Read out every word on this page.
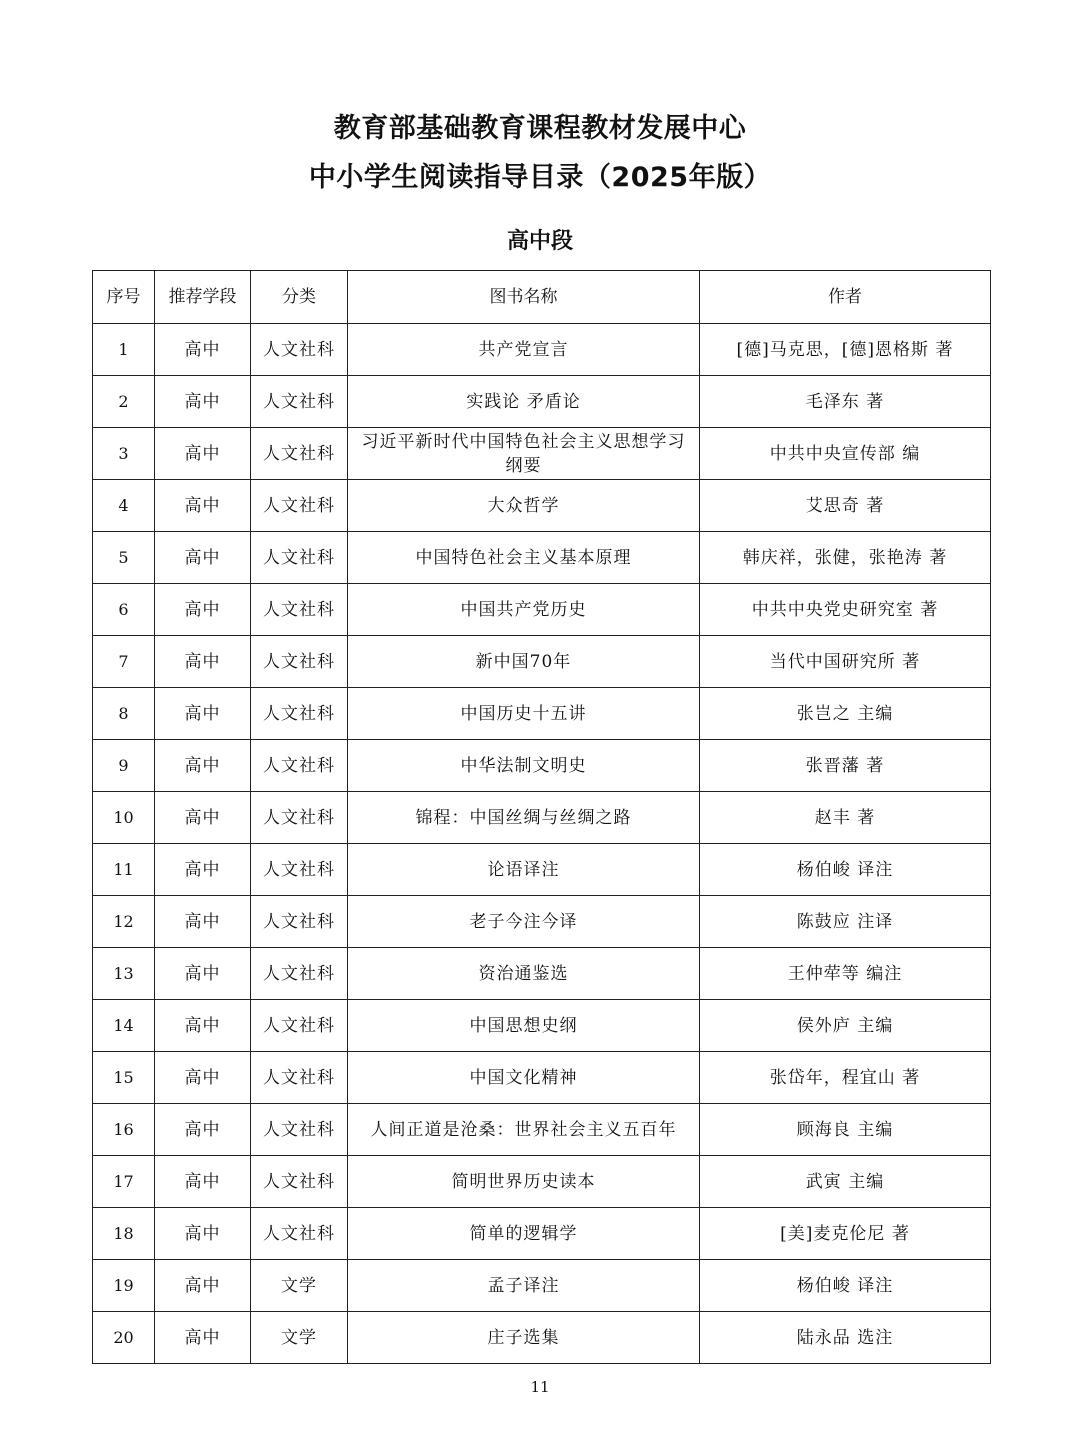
教育部基础教育课程教材发展中心
中小学生阅读指导目录（2025年版）
高中段
序号	推荐学段	分类	图书名称	作者
1	高中	人文社科	共产党宣言	[德]马克思，[德]恩格斯 著
2	高中	人文社科	实践论 矛盾论	毛泽东 著
3	高中	人文社科	习近平新时代中国特色社会主义思想学习纲要	中共中央宣传部 编
4	高中	人文社科	大众哲学	艾思奇 著
5	高中	人文社科	中国特色社会主义基本原理	韩庆祥，张健，张艳涛 著
6	高中	人文社科	中国共产党历史	中共中央党史研究室 著
7	高中	人文社科	新中国70年	当代中国研究所 著
8	高中	人文社科	中国历史十五讲	张岂之 主编
9	高中	人文社科	中华法制文明史	张晋藩 著
10	高中	人文社科	锦程：中国丝绸与丝绸之路	赵丰 著
11	高中	人文社科	论语译注	杨伯峻 译注
12	高中	人文社科	老子今注今译	陈鼓应 注译
13	高中	人文社科	资治通鉴选	王仲荦等 编注
14	高中	人文社科	中国思想史纲	侯外庐 主编
15	高中	人文社科	中国文化精神	张岱年，程宜山 著
16	高中	人文社科	人间正道是沧桑：世界社会主义五百年	顾海良 主编
17	高中	人文社科	简明世界历史读本	武寅 主编
18	高中	人文社科	简单的逻辑学	[美]麦克伦尼 著
19	高中	文学	孟子译注	杨伯峻 译注
20	高中	文学	庄子选集	陆永品 选注
11
